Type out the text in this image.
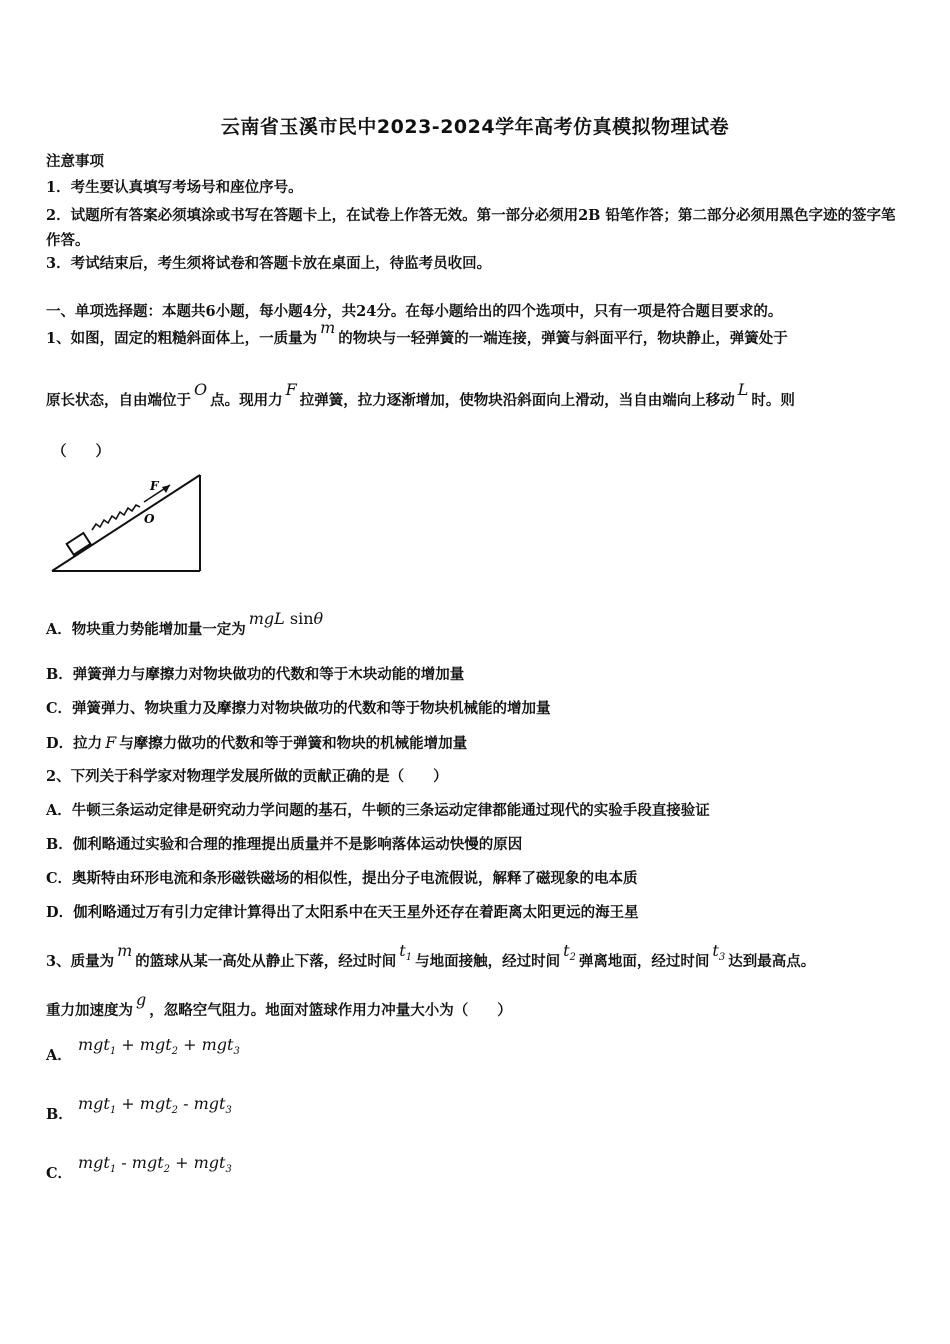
云南省玉溪市民中2023-2024学年高考仿真模拟物理试卷
注意事项
1．考生要认真填写考场号和座位序号。
2．试题所有答案必须填涂或书写在答题卡上，在试卷上作答无效。第一部分必须用2B 铅笔作答；第二部分必须用黑色字迹的签字笔作答。
3．考试结束后，考生须将试卷和答题卡放在桌面上，待监考员收回。
一、单项选择题：本题共6小题，每小题4分，共24分。在每小题给出的四个选项中，只有一项是符合题目要求的。
1、如图，固定的粗糙斜面体上，一质量为m的物块与一轻弹簧的一端连接，弹簧与斜面平行，物块静止，弹簧处于
原长状态，自由端位于O点。现用力F拉弹簧，拉力逐渐增加，使物块沿斜面向上滑动，当自由端向上移动L时。则
（　　）
F
O
A．物块重力势能增加量一定为mgL sinθ
B．弹簧弹力与摩擦力对物块做功的代数和等于木块动能的增加量
C．弹簧弹力、物块重力及摩擦力对物块做功的代数和等于物块机械能的增加量
D．拉力 F 与摩擦力做功的代数和等于弹簧和物块的机械能增加量
2、下列关于科学家对物理学发展所做的贡献正确的是（　　）
A．牛顿三条运动定律是研究动力学问题的基石，牛顿的三条运动定律都能通过现代的实验手段直接验证
B．伽利略通过实验和合理的推理提出质量并不是影响落体运动快慢的原因
C．奥斯特由环形电流和条形磁铁磁场的相似性，提出分子电流假说，解释了磁现象的电本质
D．伽利略通过万有引力定律计算得出了太阳系中在天王星外还存在着距离太阳更远的海王星
3、质量为m的篮球从某一高处从静止下落，经过时间$t_1$ 与地面接触，经过时间$t_2$ 弹离地面，经过时间$t_3$ 达到最高点。
重力加速度为g，忽略空气阻力。地面对篮球作用力冲量大小为（　　）
A．
mgt$_1$ + mgt$_2$ + mgt$_3$
B．
mgt$_1$ + mgt$_2$ - mgt$_3$
C．
mgt$_1$ - mgt$_2$ + mgt$_3$
